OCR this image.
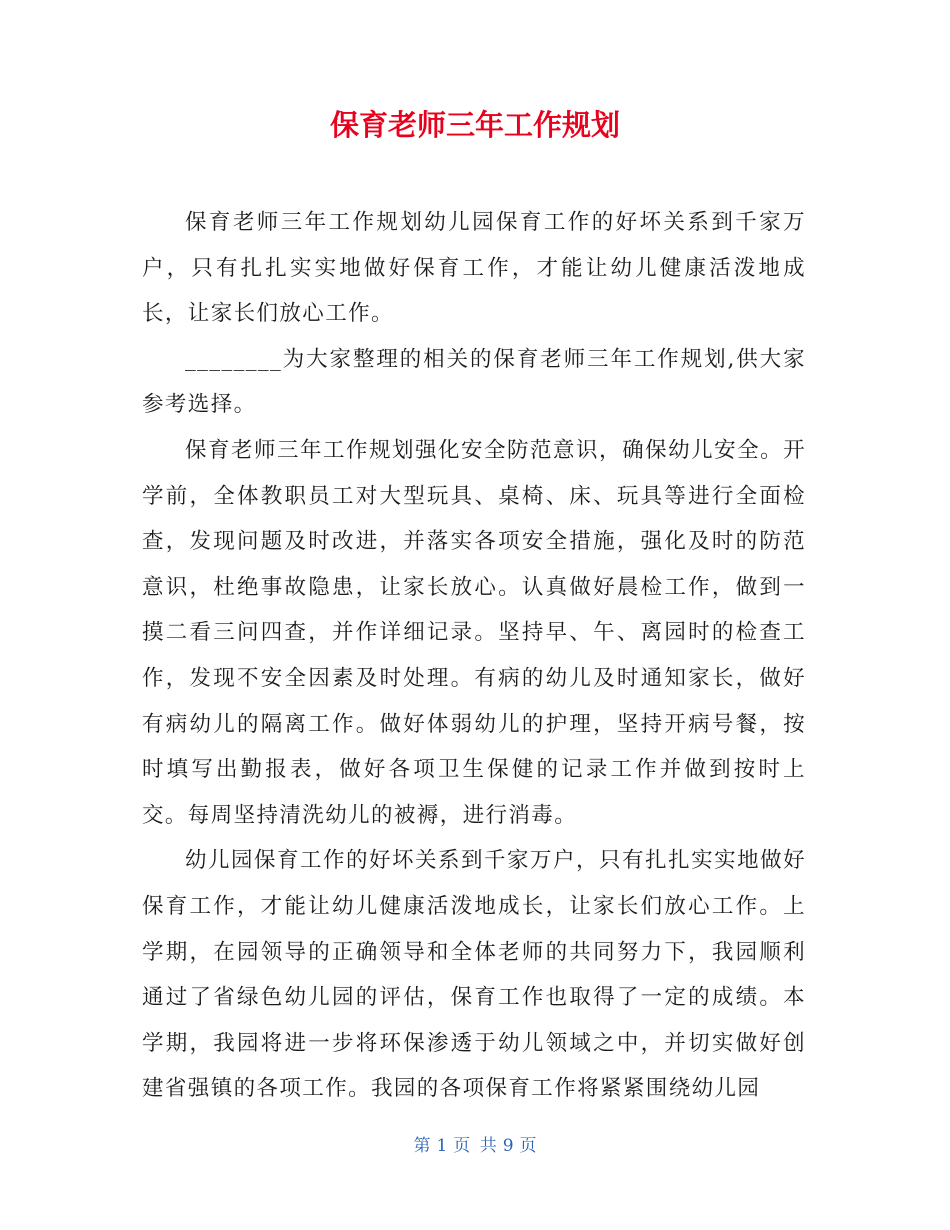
保育老师三年工作规划

保育老师三年工作规划幼儿园保育工作的好坏关系到千家万户，只有扎扎实实地做好保育工作，才能让幼儿健康活泼地成长，让家长们放心工作。

________为大家整理的相关的保育老师三年工作规划,供大家参考选择。

保育老师三年工作规划强化安全防范意识，确保幼儿安全。开学前，全体教职员工对大型玩具、桌椅、床、玩具等进行全面检查，发现问题及时改进，并落实各项安全措施，强化及时的防范意识，杜绝事故隐患，让家长放心。认真做好晨检工作，做到一摸二看三问四查，并作详细记录。坚持早、午、离园时的检查工作，发现不安全因素及时处理。有病的幼儿及时通知家长，做好有病幼儿的隔离工作。做好体弱幼儿的护理，坚持开病号餐，按时填写出勤报表，做好各项卫生保健的记录工作并做到按时上交。每周坚持清洗幼儿的被褥，进行消毒。

幼儿园保育工作的好坏关系到千家万户，只有扎扎实实地做好保育工作，才能让幼儿健康活泼地成长，让家长们放心工作。上学期，在园领导的正确领导和全体老师的共同努力下，我园顺利通过了省绿色幼儿园的评估，保育工作也取得了一定的成绩。本学期，我园将进一步将环保渗透于幼儿领域之中，并切实做好创建省强镇的各项工作。我园的各项保育工作将紧紧围绕幼儿园

第 1 页 共 9 页
